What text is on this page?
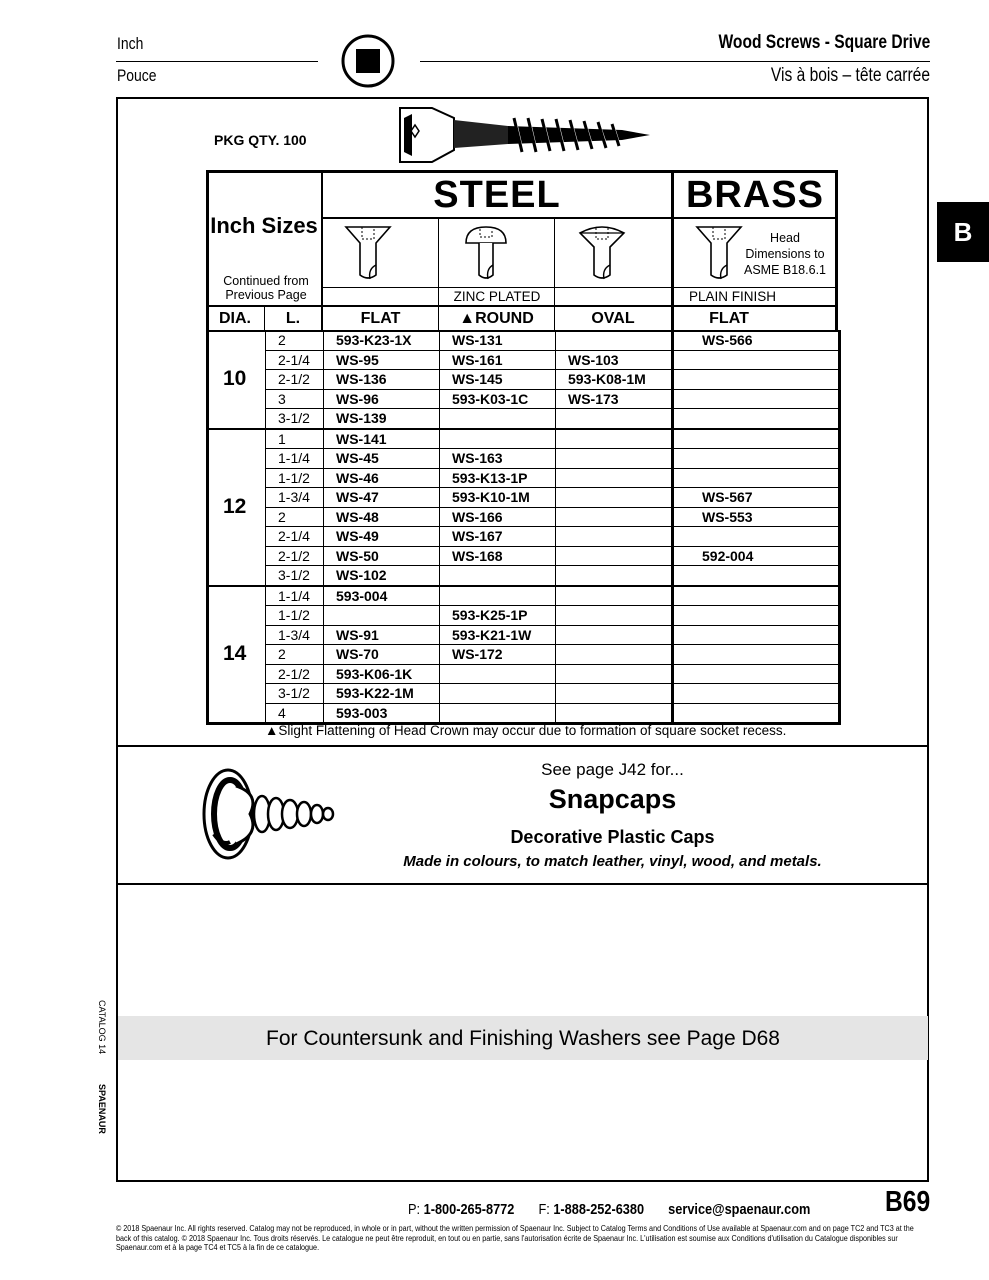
Inch
Pouce
Wood Screws - Square Drive
Vis à bois – tête carrée
B
PKG QTY. 100
Inch Sizes
Continued from Previous Page
STEEL	BRASS
Head Dimensions to ASME B18.6.1
ZINC PLATED	PLAIN FINISH
DIA.	L.	FLAT	▲ROUND	OVAL	FLAT
10	2	593-K23-1X	WS-131		WS-566
	2-1/4	WS-95	WS-161	WS-103	
	2-1/2	WS-136	WS-145	593-K08-1M	
	3	WS-96	593-K03-1C	WS-173	
	3-1/2	WS-139			
12	1	WS-141			
	1-1/4	WS-45	WS-163		
	1-1/2	WS-46	593-K13-1P		
	1-3/4	WS-47	593-K10-1M		WS-567
	2	WS-48	WS-166		WS-553
	2-1/4	WS-49	WS-167		
	2-1/2	WS-50	WS-168		592-004
	3-1/2	WS-102			
14	1-1/4	593-004			
	1-1/2		593-K25-1P		
	1-3/4	WS-91	593-K21-1W		
	2	WS-70	WS-172		
	2-1/2	593-K06-1K			
	3-1/2	593-K22-1M			
	4	593-003			
▲Slight Flattening of Head Crown may occur due to formation of square socket recess.
See page J42 for...
Snapcaps
Decorative Plastic Caps
Made in colours, to match leather, vinyl, wood, and metals.
For Countersunk and Finishing Washers see Page D68
CATALOG 14
SPAENAUR
P: 1-800-265-8772 F: 1-888-252-6380 service@spaenaur.com	B69
© 2018 Spaenaur Inc. All rights reserved. Catalog may not be reproduced, in whole or in part, without the written permission of Spaenaur Inc. Subject to Catalog Terms and Conditions of Use available at Spaenaur.com and on page TC2 and TC3 at the back of this catalog. © 2018 Spaenaur Inc. Tous droits réservés. Le catalogue ne peut être reproduit, en tout ou en partie, sans l'autorisation écrite de Spaenaur Inc. L'utilisation est soumise aux Conditions d'utilisation du Catalogue disponibles sur Spaenaur.com et à la page TC4 et TC5 à la fin de ce catalogue.
